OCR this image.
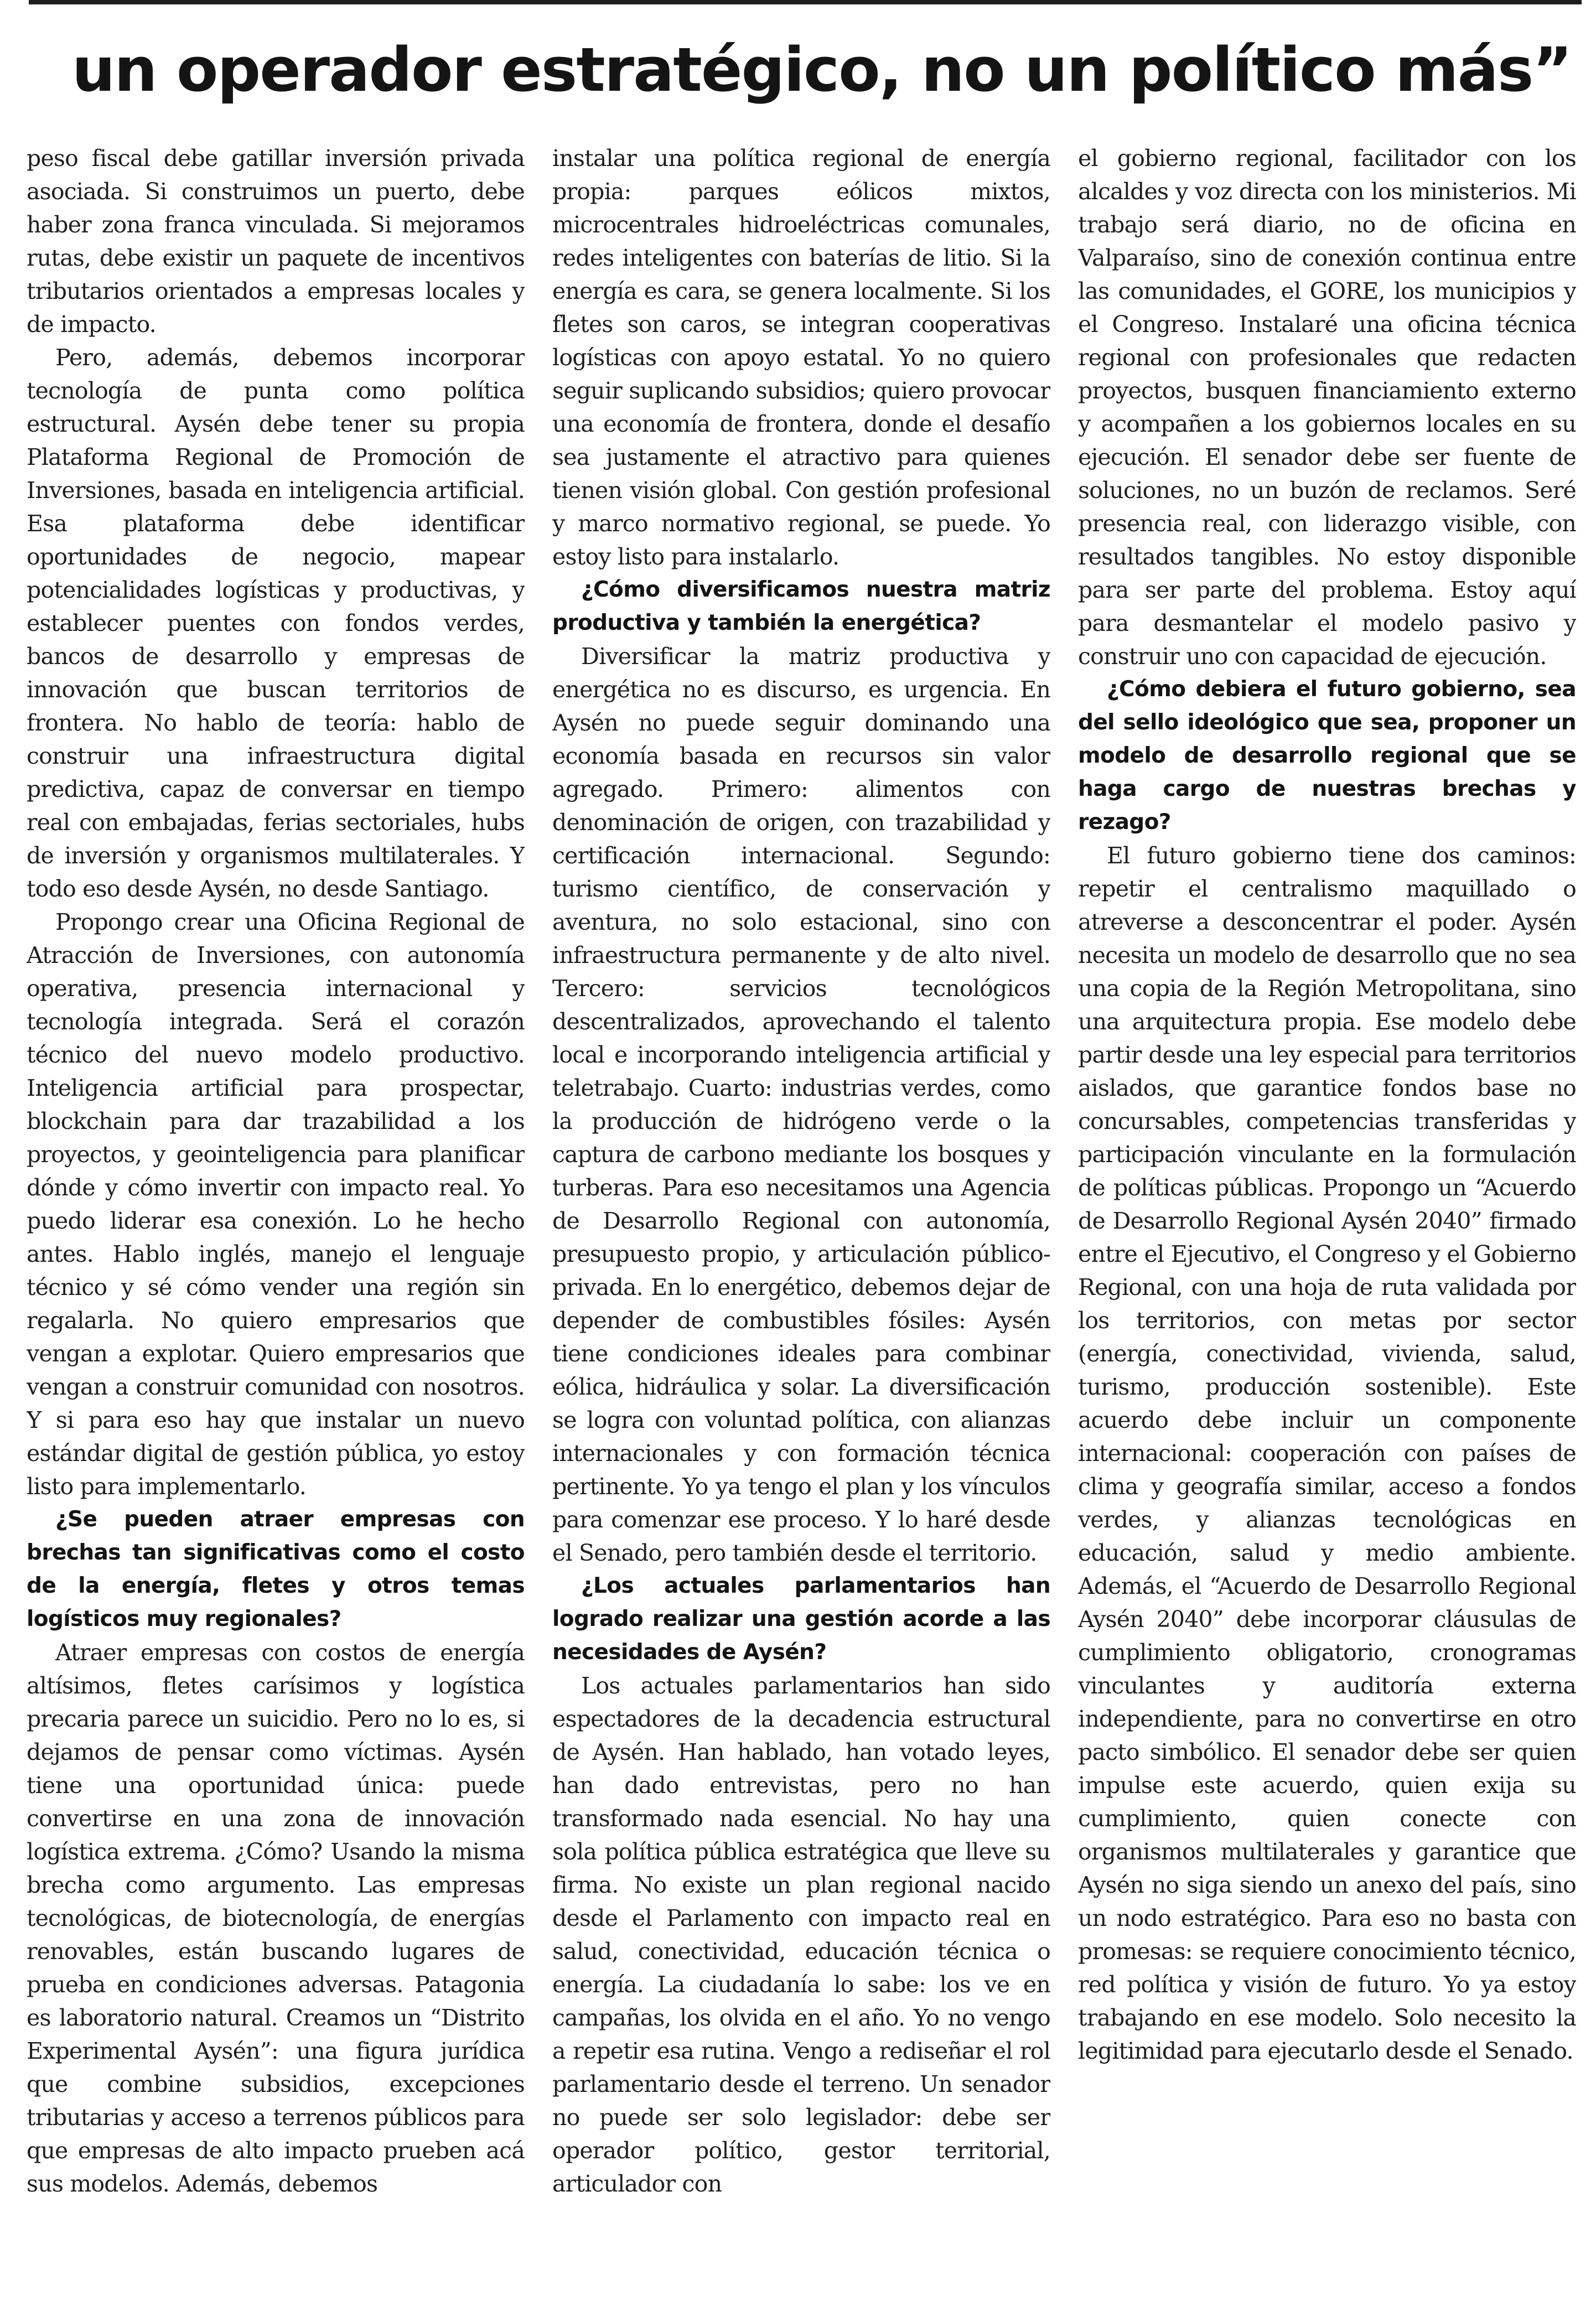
un operador estratégico, no un político más”

peso fiscal debe gatillar inversión privada asociada. Si construimos un puerto, debe haber zona franca vinculada. Si mejoramos rutas, debe existir un paquete de incentivos tributarios orientados a empresas locales y de impacto.

Pero, además, debemos incorporar tecnología de punta como política estructural. Aysén debe tener su propia Plataforma Regional de Promoción de Inversiones, basada en inteligencia artificial. Esa plataforma debe identificar oportunidades de negocio, mapear potencialidades logísticas y productivas, y establecer puentes con fondos verdes, bancos de desarrollo y empresas de innovación que buscan territorios de frontera. No hablo de teoría: hablo de construir una infraestructura digital predictiva, capaz de conversar en tiempo real con embajadas, ferias sectoriales, hubs de inversión y organismos multilaterales. Y todo eso desde Aysén, no desde Santiago.

Propongo crear una Oficina Regional de Atracción de Inversiones, con autonomía operativa, presencia internacional y tecnología integrada. Será el corazón técnico del nuevo modelo productivo. Inteligencia artificial para prospectar, blockchain para dar trazabilidad a los proyectos, y geointeligencia para planificar dónde y cómo invertir con impacto real. Yo puedo liderar esa conexión. Lo he hecho antes. Hablo inglés, manejo el lenguaje técnico y sé cómo vender una región sin regalarla. No quiero empresarios que vengan a explotar. Quiero empresarios que vengan a construir comunidad con nosotros. Y si para eso hay que instalar un nuevo estándar digital de gestión pública, yo estoy listo para implementarlo.

¿Se pueden atraer empresas con brechas tan significativas como el costo de la energía, fletes y otros temas logísticos muy regionales?

Atraer empresas con costos de energía altísimos, fletes carísimos y logística precaria parece un suicidio. Pero no lo es, si dejamos de pensar como víctimas. Aysén tiene una oportunidad única: puede convertirse en una zona de innovación logística extrema. ¿Cómo? Usando la misma brecha como argumento. Las empresas tecnológicas, de biotecnología, de energías renovables, están buscando lugares de prueba en condiciones adversas. Patagonia es laboratorio natural. Creamos un “Distrito Experimental Aysén”: una figura jurídica que combine subsidios, excepciones tributarias y acceso a terrenos públicos para que empresas de alto impacto prueben acá sus modelos. Además, debemos

instalar una política regional de energía propia: parques eólicos mixtos, microcentrales hidroeléctricas comunales, redes inteligentes con baterías de litio. Si la energía es cara, se genera localmente. Si los fletes son caros, se integran cooperativas logísticas con apoyo estatal. Yo no quiero seguir suplicando subsidios; quiero provocar una economía de frontera, donde el desafío sea justamente el atractivo para quienes tienen visión global. Con gestión profesional y marco normativo regional, se puede. Yo estoy listo para instalarlo.

¿Cómo diversificamos nuestra matriz productiva y también la energética?

Diversificar la matriz productiva y energética no es discurso, es urgencia. En Aysén no puede seguir dominando una economía basada en recursos sin valor agregado. Primero: alimentos con denominación de origen, con trazabilidad y certificación internacional. Segundo: turismo científico, de conservación y aventura, no solo estacional, sino con infraestructura permanente y de alto nivel. Tercero: servicios tecnológicos descentralizados, aprovechando el talento local e incorporando inteligencia artificial y teletrabajo. Cuarto: industrias verdes, como la producción de hidrógeno verde o la captura de carbono mediante los bosques y turberas. Para eso necesitamos una Agencia de Desarrollo Regional con autonomía, presupuesto propio, y articulación público-privada. En lo energético, debemos dejar de depender de combustibles fósiles: Aysén tiene condiciones ideales para combinar eólica, hidráulica y solar. La diversificación se logra con voluntad política, con alianzas internacionales y con formación técnica pertinente. Yo ya tengo el plan y los vínculos para comenzar ese proceso. Y lo haré desde el Senado, pero también desde el territorio.

¿Los actuales parlamentarios han logrado realizar una gestión acorde a las necesidades de Aysén?

Los actuales parlamentarios han sido espectadores de la decadencia estructural de Aysén. Han hablado, han votado leyes, han dado entrevistas, pero no han transformado nada esencial. No hay una sola política pública estratégica que lleve su firma. No existe un plan regional nacido desde el Parlamento con impacto real en salud, conectividad, educación técnica o energía. La ciudadanía lo sabe: los ve en campañas, los olvida en el año. Yo no vengo a repetir esa rutina. Vengo a rediseñar el rol parlamentario desde el terreno. Un senador no puede ser solo legislador: debe ser operador político, gestor territorial, articulador con

el gobierno regional, facilitador con los alcaldes y voz directa con los ministerios. Mi trabajo será diario, no de oficina en Valparaíso, sino de conexión continua entre las comunidades, el GORE, los municipios y el Congreso. Instalaré una oficina técnica regional con profesionales que redacten proyectos, busquen financiamiento externo y acompañen a los gobiernos locales en su ejecución. El senador debe ser fuente de soluciones, no un buzón de reclamos. Seré presencia real, con liderazgo visible, con resultados tangibles. No estoy disponible para ser parte del problema. Estoy aquí para desmantelar el modelo pasivo y construir uno con capacidad de ejecución.

¿Cómo debiera el futuro gobierno, sea del sello ideológico que sea, proponer un modelo de desarrollo regional que se haga cargo de nuestras brechas y rezago?

El futuro gobierno tiene dos caminos: repetir el centralismo maquillado o atreverse a desconcentrar el poder. Aysén necesita un modelo de desarrollo que no sea una copia de la Región Metropolitana, sino una arquitectura propia. Ese modelo debe partir desde una ley especial para territorios aislados, que garantice fondos base no concursables, competencias transferidas y participación vinculante en la formulación de políticas públicas. Propongo un “Acuerdo de Desarrollo Regional Aysén 2040” firmado entre el Ejecutivo, el Congreso y el Gobierno Regional, con una hoja de ruta validada por los territorios, con metas por sector (energía, conectividad, vivienda, salud, turismo, producción sostenible). Este acuerdo debe incluir un componente internacional: cooperación con países de clima y geografía similar, acceso a fondos verdes, y alianzas tecnológicas en educación, salud y medio ambiente. Además, el “Acuerdo de Desarrollo Regional Aysén 2040” debe incorporar cláusulas de cumplimiento obligatorio, cronogramas vinculantes y auditoría externa independiente, para no convertirse en otro pacto simbólico. El senador debe ser quien impulse este acuerdo, quien exija su cumplimiento, quien conecte con organismos multilaterales y garantice que Aysén no siga siendo un anexo del país, sino un nodo estratégico. Para eso no basta con promesas: se requiere conocimiento técnico, red política y visión de futuro. Yo ya estoy trabajando en ese modelo. Solo necesito la legitimidad para ejecutarlo desde el Senado.
